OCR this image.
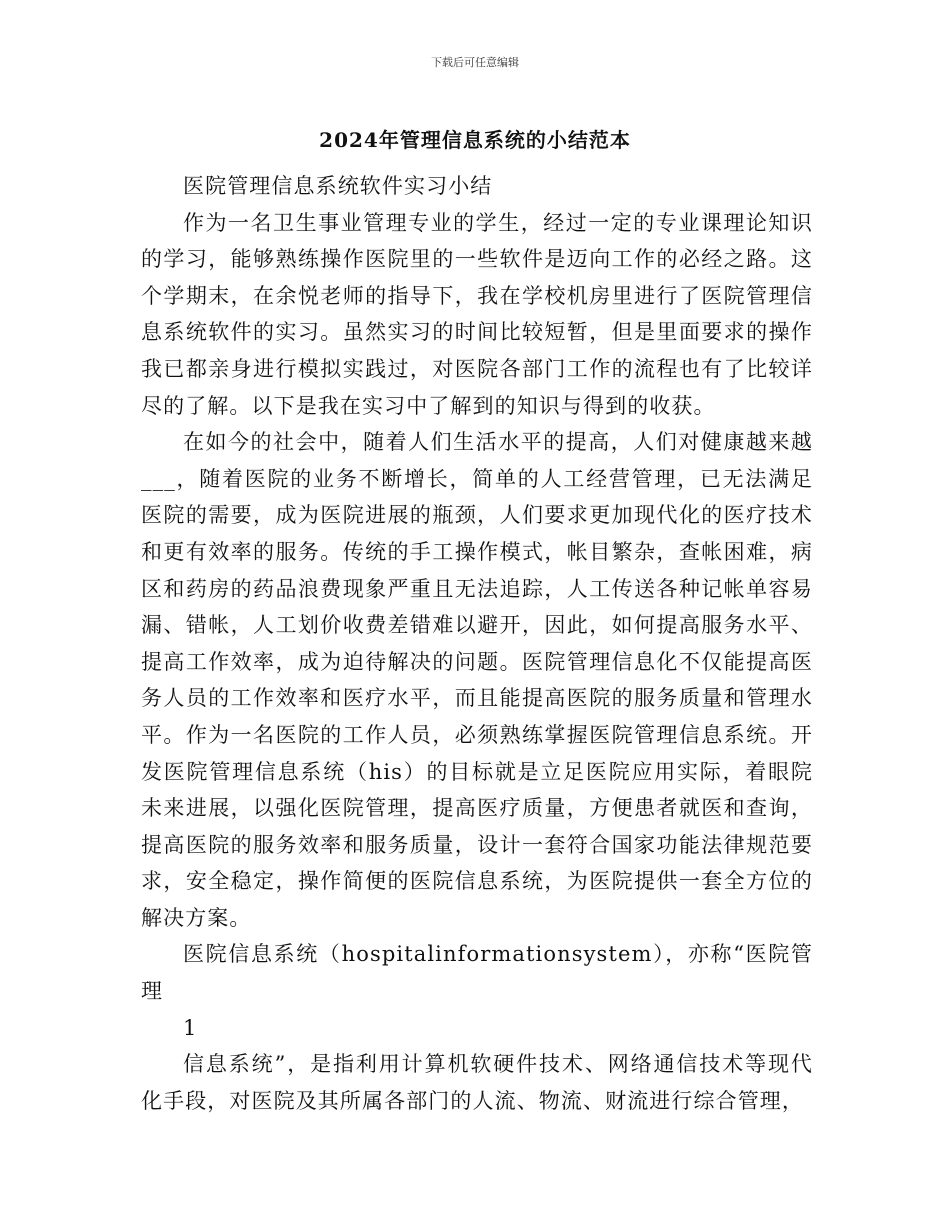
下载后可任意编辑
2024年管理信息系统的小结范本

医院管理信息系统软件实习小结

作为一名卫生事业管理专业的学生，经过一定的专业课理论知识的学习，能够熟练操作医院里的一些软件是迈向工作的必经之路。这个学期末，在余悦老师的指导下，我在学校机房里进行了医院管理信息系统软件的实习。虽然实习的时间比较短暂，但是里面要求的操作我已都亲身进行模拟实践过，对医院各部门工作的流程也有了比较详尽的了解。以下是我在实习中了解到的知识与得到的收获。

在如今的社会中，随着人们生活水平的提高，人们对健康越来越___，随着医院的业务不断增长，简单的人工经营管理，已无法满足医院的需要，成为医院进展的瓶颈，人们要求更加现代化的医疗技术和更有效率的服务。传统的手工操作模式，帐目繁杂，查帐困难，病区和药房的药品浪费现象严重且无法追踪，人工传送各种记帐单容易漏、错帐，人工划价收费差错难以避开，因此，如何提高服务水平、提高工作效率，成为迫待解决的问题。医院管理信息化不仅能提高医务人员的工作效率和医疗水平，而且能提高医院的服务质量和管理水平。作为一名医院的工作人员，必须熟练掌握医院管理信息系统。开发医院管理信息系统（his）的目标就是立足医院应用实际，着眼院未来进展，以强化医院管理，提高医疗质量，方便患者就医和查询，提高医院的服务效率和服务质量，设计一套符合国家功能法律规范要求，安全稳定，操作简便的医院信息系统，为医院提供一套全方位的解决方案。

医院信息系统（hospitalinformationsystem），亦称“医院管理

1

信息系统”，是指利用计算机软硬件技术、网络通信技术等现代化手段，对医院及其所属各部门的人流、物流、财流进行综合管理，
